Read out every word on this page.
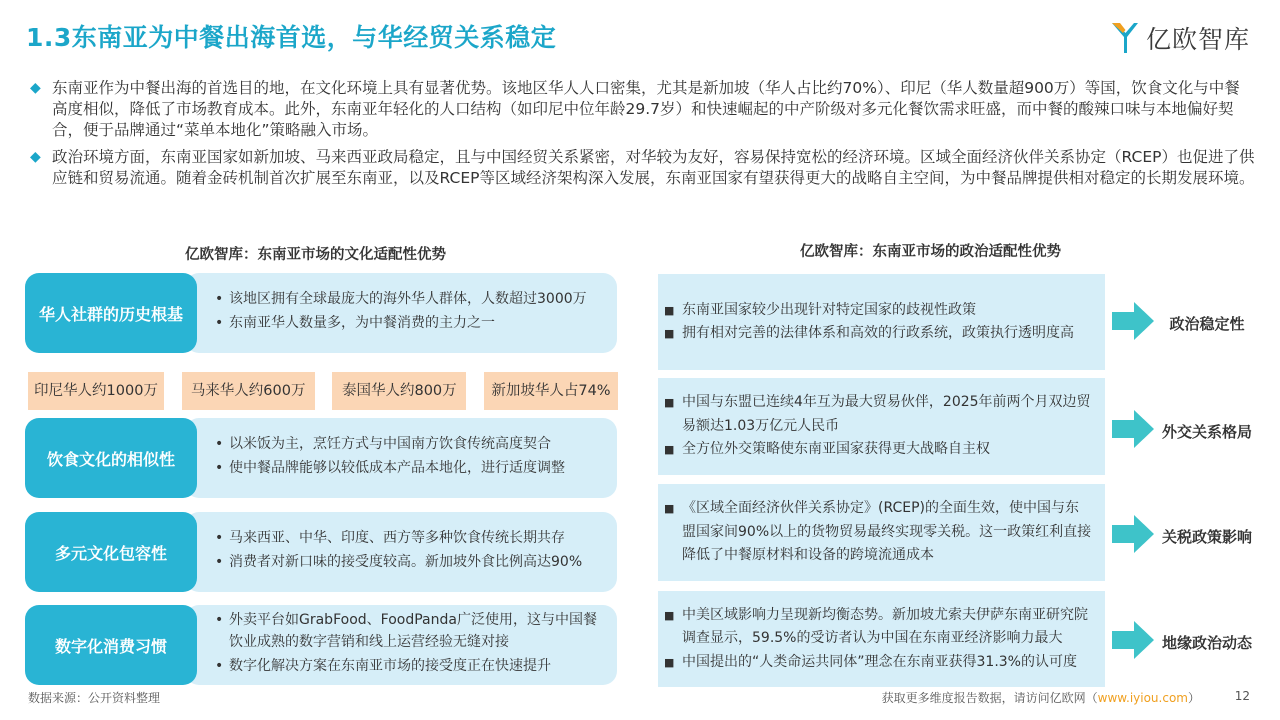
1.3东南亚为中餐出海首选，与华经贸关系稳定	亿欧智库
◆ 东南亚作为中餐出海的首选目的地，在文化环境上具有显著优势。该地区华人人口密集，尤其是新加坡（华人占比约70%）、印尼（华人数量超900万）等国，饮食文化与中餐高度相似，降低了市场教育成本。此外，东南亚年轻化的人口结构（如印尼中位年龄29.7岁）和快速崛起的中产阶级对多元化餐饮需求旺盛，而中餐的酸辣口味与本地偏好契合，便于品牌通过“菜单本地化”策略融入市场。
◆ 政治环境方面，东南亚国家如新加坡、马来西亚政局稳定，且与中国经贸关系紧密，对华较为友好，容易保持宽松的经济环境。区域全面经济伙伴关系协定（RCEP）也促进了供应链和贸易流通。随着金砖机制首次扩展至东南亚，以及RCEP等区域经济架构深入发展，东南亚国家有望获得更大的战略自主空间，为中餐品牌提供相对稳定的长期发展环境。
亿欧智库：东南亚市场的文化适配性优势
华人社群的历史根基
• 该地区拥有全球最庞大的海外华人群体，人数超过3000万
• 东南亚华人数量多，为中餐消费的主力之一
印尼华人约1000万	马来华人约600万	泰国华人约800万	新加坡华人占74%
饮食文化的相似性
• 以米饭为主，烹饪方式与中国南方饮食传统高度契合
• 使中餐品牌能够以较低成本产品本地化，进行适度调整
多元文化包容性
• 马来西亚、中华、印度、西方等多种饮食传统长期共存
• 消费者对新口味的接受度较高。新加坡外食比例高达90%
数字化消费习惯
• 外卖平台如GrabFood、FoodPanda广泛使用，这与中国餐饮业成熟的数字营销和线上运营经验无缝对接
• 数字化解决方案在东南亚市场的接受度正在快速提升
亿欧智库：东南亚市场的政治适配性优势
■ 东南亚国家较少出现针对特定国家的歧视性政策
■ 拥有相对完善的法律体系和高效的行政系统，政策执行透明度高	政治稳定性
■ 中国与东盟已连续4年互为最大贸易伙伴，2025年前两个月双边贸易额达1.03万亿元人民币
■ 全方位外交策略使东南亚国家获得更大战略自主权
外交关系格局
■ 《区域全面经济伙伴关系协定》(RCEP)的全面生效，使中国与东盟国家间90%以上的货物贸易最终实现零关税。这一政策红利直接降低了中餐原材料和设备的跨境流通成本
关税政策影响
■ 中美区域影响力呈现新均衡态势。新加坡尤索夫伊萨东南亚研究院调查显示，59.5%的受访者认为中国在东南亚经济影响力最大
■ 中国提出的“人类命运共同体”理念在东南亚获得31.3%的认可度
地缘政治动态
数据来源：公开资料整理	获取更多维度报告数据，请访问亿欧网（www.iyiou.com）	12
